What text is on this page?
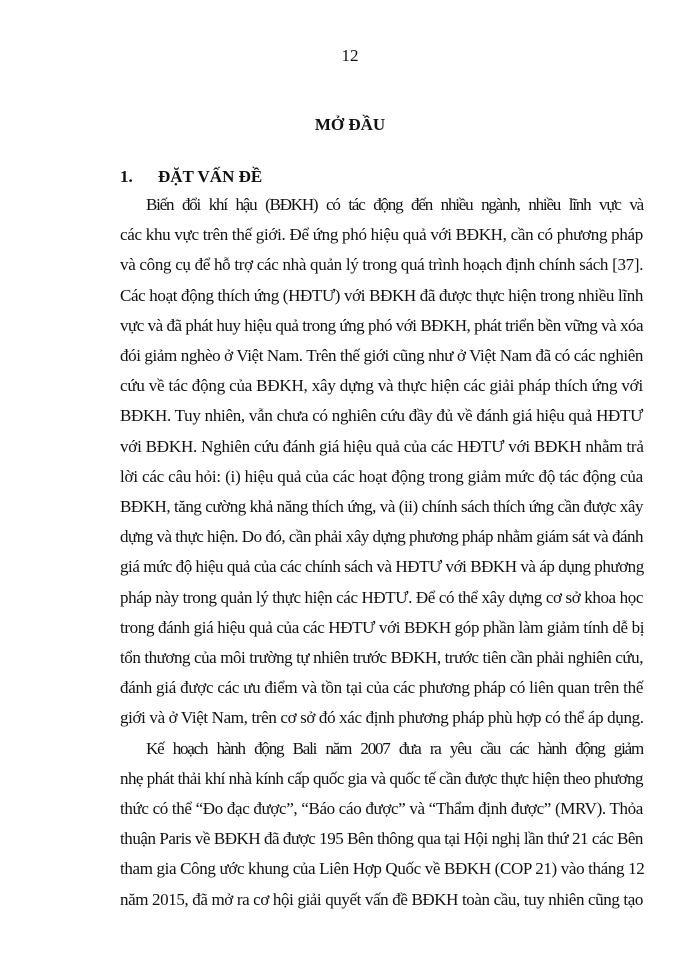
12
MỞ ĐẦU
1. ĐẶT VẤN ĐỀ
Biến đổi khí hậu (BĐKH) có tác động đến nhiều ngành, nhiều lĩnh vực và
các khu vực trên thế giới. Để ứng phó hiệu quả với BĐKH, cần có phương pháp
và công cụ để hỗ trợ các nhà quản lý trong quá trình hoạch định chính sách [37].
Các hoạt động thích ứng (HĐTƯ) với BĐKH đã được thực hiện trong nhiều lĩnh
vực và đã phát huy hiệu quả trong ứng phó với BĐKH, phát triển bền vững và xóa
đói giảm nghèo ở Việt Nam. Trên thế giới cũng như ở Việt Nam đã có các nghiên
cứu về tác động của BĐKH, xây dựng và thực hiện các giải pháp thích ứng với
BĐKH. Tuy nhiên, vẫn chưa có nghiên cứu đầy đủ về đánh giá hiệu quả HĐTƯ
với BĐKH. Nghiên cứu đánh giá hiệu quả của các HĐTƯ với BĐKH nhằm trả
lời các câu hỏi: (i) hiệu quả của các hoạt động trong giảm mức độ tác động của
BĐKH, tăng cường khả năng thích ứng, và (ii) chính sách thích ứng cần được xây
dựng và thực hiện. Do đó, cần phải xây dựng phương pháp nhằm giám sát và đánh
giá mức độ hiệu quả của các chính sách và HĐTƯ với BĐKH và áp dụng phương
pháp này trong quản lý thực hiện các HĐTƯ. Để có thể xây dựng cơ sở khoa học
trong đánh giá hiệu quả của các HĐTƯ với BĐKH góp phần làm giảm tính dễ bị
tổn thương của môi trường tự nhiên trước BĐKH, trước tiên cần phải nghiên cứu,
đánh giá được các ưu điểm và tồn tại của các phương pháp có liên quan trên thế
giới và ở Việt Nam, trên cơ sở đó xác định phương pháp phù hợp có thể áp dụng.
Kế hoạch hành động Bali năm 2007 đưa ra yêu cầu các hành động giảm
nhẹ phát thải khí nhà kính cấp quốc gia và quốc tế cần được thực hiện theo phương
thức có thể “Đo đạc được”, “Báo cáo được” và “Thẩm định được” (MRV). Thỏa
thuận Paris về BĐKH đã được 195 Bên thông qua tại Hội nghị lần thứ 21 các Bên
tham gia Công ước khung của Liên Hợp Quốc về BĐKH (COP 21) vào tháng 12
năm 2015, đã mở ra cơ hội giải quyết vấn đề BĐKH toàn cầu, tuy nhiên cũng tạo
